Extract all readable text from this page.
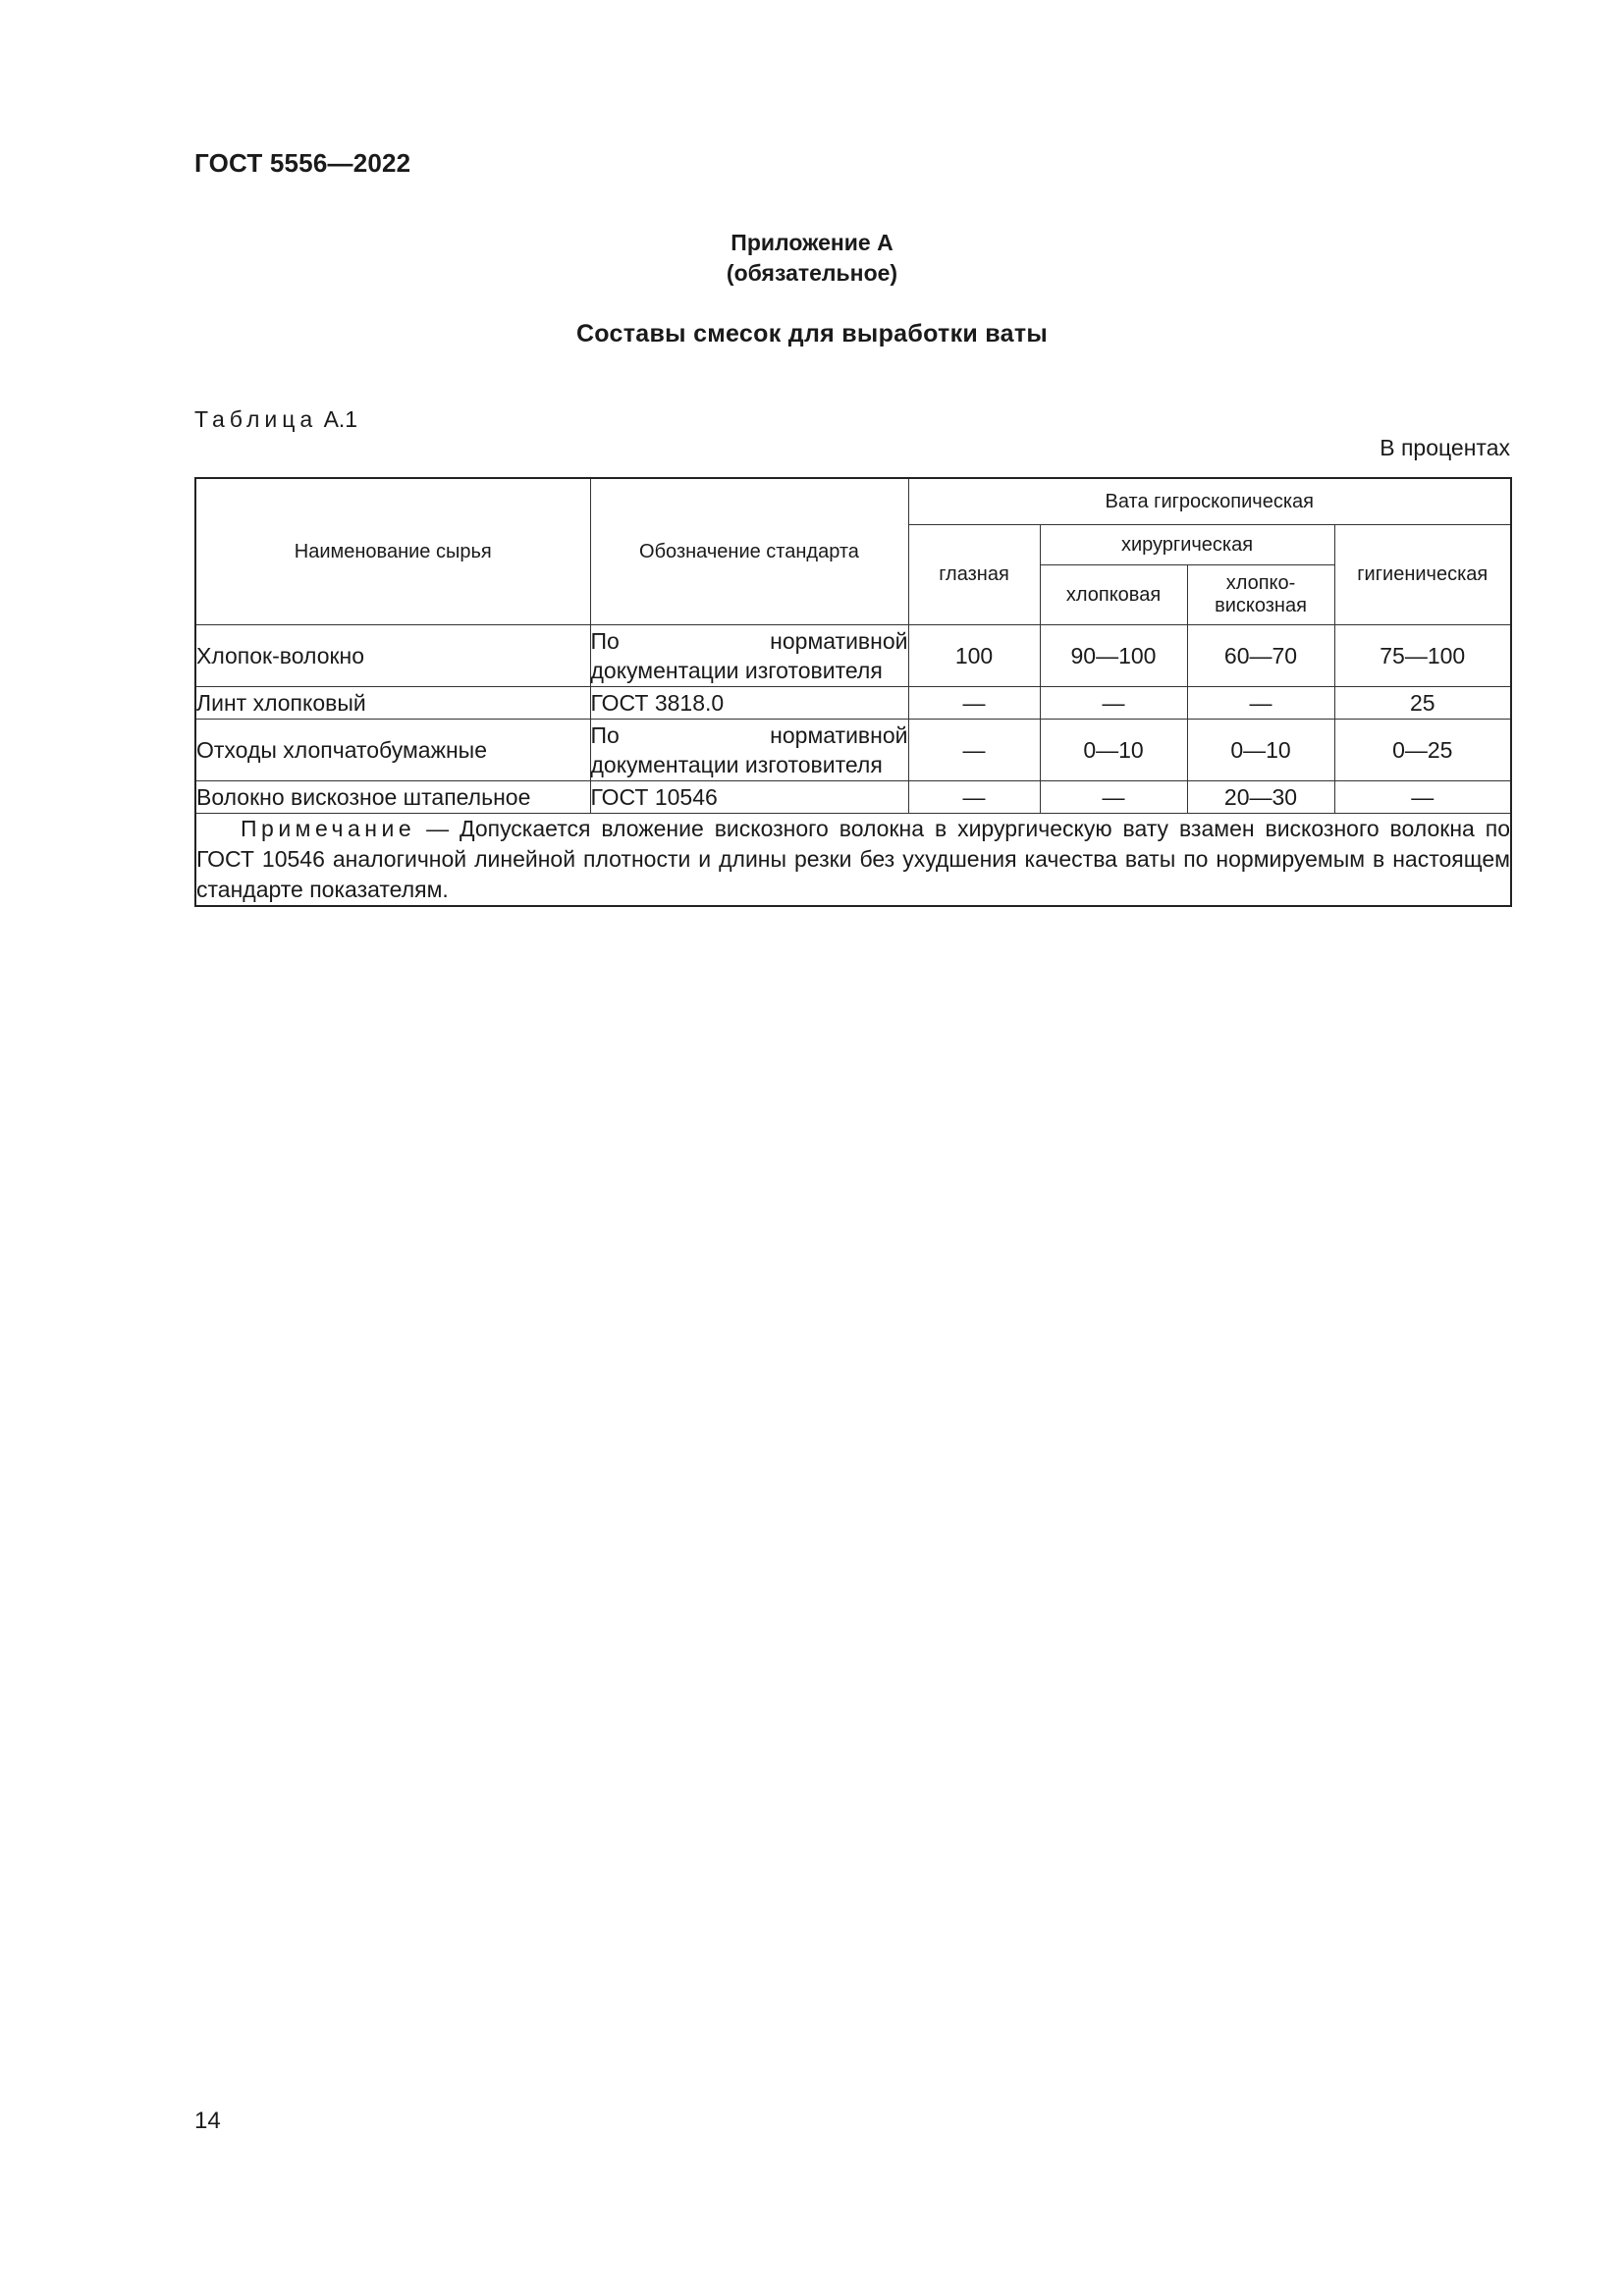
ГОСТ 5556—2022
Приложение А
(обязательное)
Составы смесок для выработки ваты
Таблица А.1
В процентах
Наименование сырья	Обозначение стандарта	Вата гигроскопическая			
		глазная	хирургическая		гигиеническая
			хлопковая	хлопко-
вискозная	
Хлопок-волокно	По нормативной документации изготовителя	100	90—100	60—70	75—100
Линт хлопковый	ГОСТ 3818.0	—	—	—	25
Отходы хлопчатобумажные	По нормативной документации изготовителя	—	0—10	0—10	0—25
Волокно вискозное штапельное	ГОСТ 10546	—	—	20—30	—
Примечание — Допускается вложение вискозного волокна в хирургическую вату взамен вискозного волокна по ГОСТ 10546 аналогичной линейной плотности и длины резки без ухудшения качества ваты по нормируемым в настоящем стандарте показателям.					
14
